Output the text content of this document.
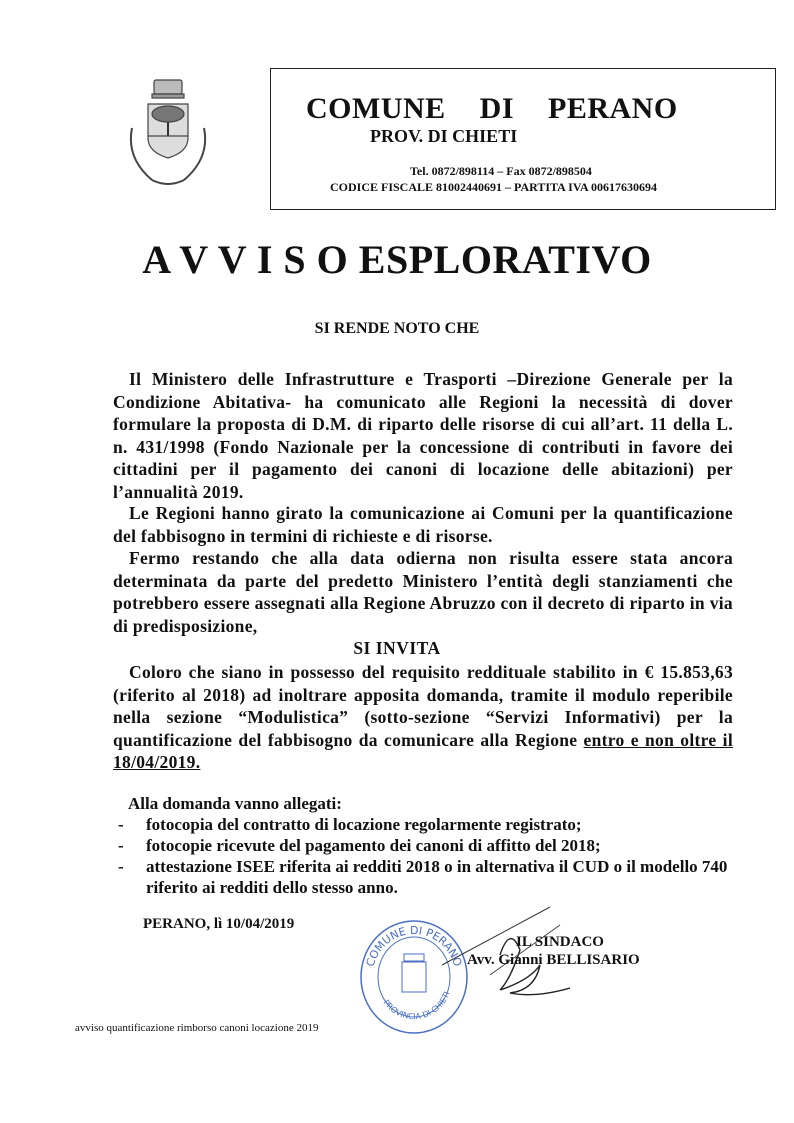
COMUNE DI PERANO
PROV. DI CHIETI
Tel. 0872/898114 – Fax 0872/898504
CODICE FISCALE 81002440691 – PARTITA IVA 00617630694
A V V I S O ESPLORATIVO
SI RENDE NOTO CHE

Il Ministero delle Infrastrutture e Trasporti –Direzione Generale per la Condizione Abitativa- ha comunicato alle Regioni la necessità di dover formulare la proposta di D.M. di riparto delle risorse di cui all’art. 11 della L. n. 431/1998 (Fondo Nazionale per la concessione di contributi in favore dei cittadini per il pagamento dei canoni di locazione delle abitazioni) per l’annualità 2019.

Le Regioni hanno girato la comunicazione ai Comuni per la quantificazione del fabbisogno in termini di richieste e di risorse.

Fermo restando che alla data odierna non risulta essere stata ancora determinata da parte del predetto Ministero l’entità degli stanziamenti che potrebbero essere assegnati alla Regione Abruzzo con il decreto di riparto in via di predisposizione,

SI INVITA

Coloro che siano in possesso del requisito reddituale stabilito in € 15.853,63 (riferito al 2018) ad inoltrare apposita domanda, tramite il modulo reperibile nella sezione “Modulistica” (sotto-sezione “Servizi Informativi) per la quantificazione del fabbisogno da comunicare alla Regione entro e non oltre il 18/04/2019.

Alla domanda vanno allegati:
- fotocopia del contratto di locazione regolarmente registrato;
- fotocopie ricevute del pagamento dei canoni di affitto del 2018;
- attestazione ISEE riferita ai redditi 2018 o in alternativa il CUD o il modello 740 riferito ai redditi dello stesso anno.
PERANO, lì 10/04/2019
COMUNE DI PERANO
PROVINCIA DI CHIETI
IL SINDACO
Avv. Gianni BELLISARIO
avviso quantificazione rimborso canoni locazione 2019
